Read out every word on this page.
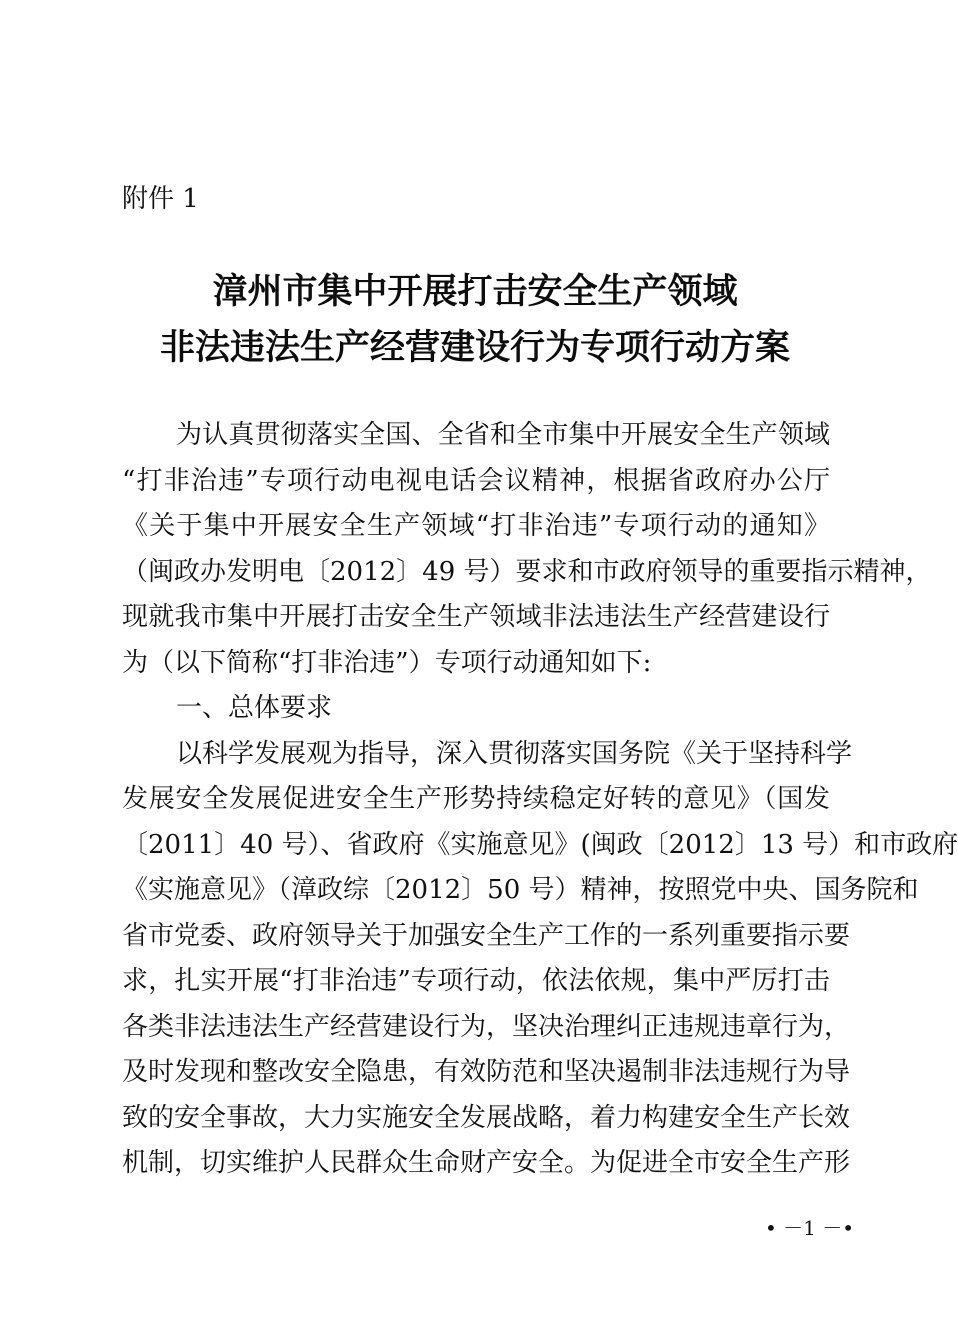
附件 1
漳州市集中开展打击安全生产领域
非法违法生产经营建设行为专项行动方案
为认真贯彻落实全国、全省和全市集中开展安全生产领域
“打非治违”专项行动电视电话会议精神，根据省政府办公厅
《关于集中开展安全生产领域“打非治违”专项行动的通知》
（闽政办发明电〔2012〕49 号）要求和市政府领导的重要指示精神，
现就我市集中开展打击安全生产领域非法违法生产经营建设行
为（以下简称“打非治违”）专项行动通知如下:
一、总体要求
以科学发展观为指导，深入贯彻落实国务院《关于坚持科学
发展安全发展促进安全生产形势持续稳定好转的意见》（国发
〔2011〕40 号）、省政府《实施意见》(闽政〔2012〕13 号）和市政府
《实施意见》（漳政综〔2012〕50 号）精神，按照党中央、国务院和
省市党委、政府领导关于加强安全生产工作的一系列重要指示要
求，扎实开展“打非治违”专项行动，依法依规，集中严厉打击
各类非法违法生产经营建设行为，坚决治理纠正违规违章行为，
及时发现和整改安全隐患，有效防范和坚决遏制非法违规行为导
致的安全事故，大力实施安全发展战略，着力构建安全生产长效
机制，切实维护人民群众生命财产安全。为促进全市安全生产形
• －1 －•
